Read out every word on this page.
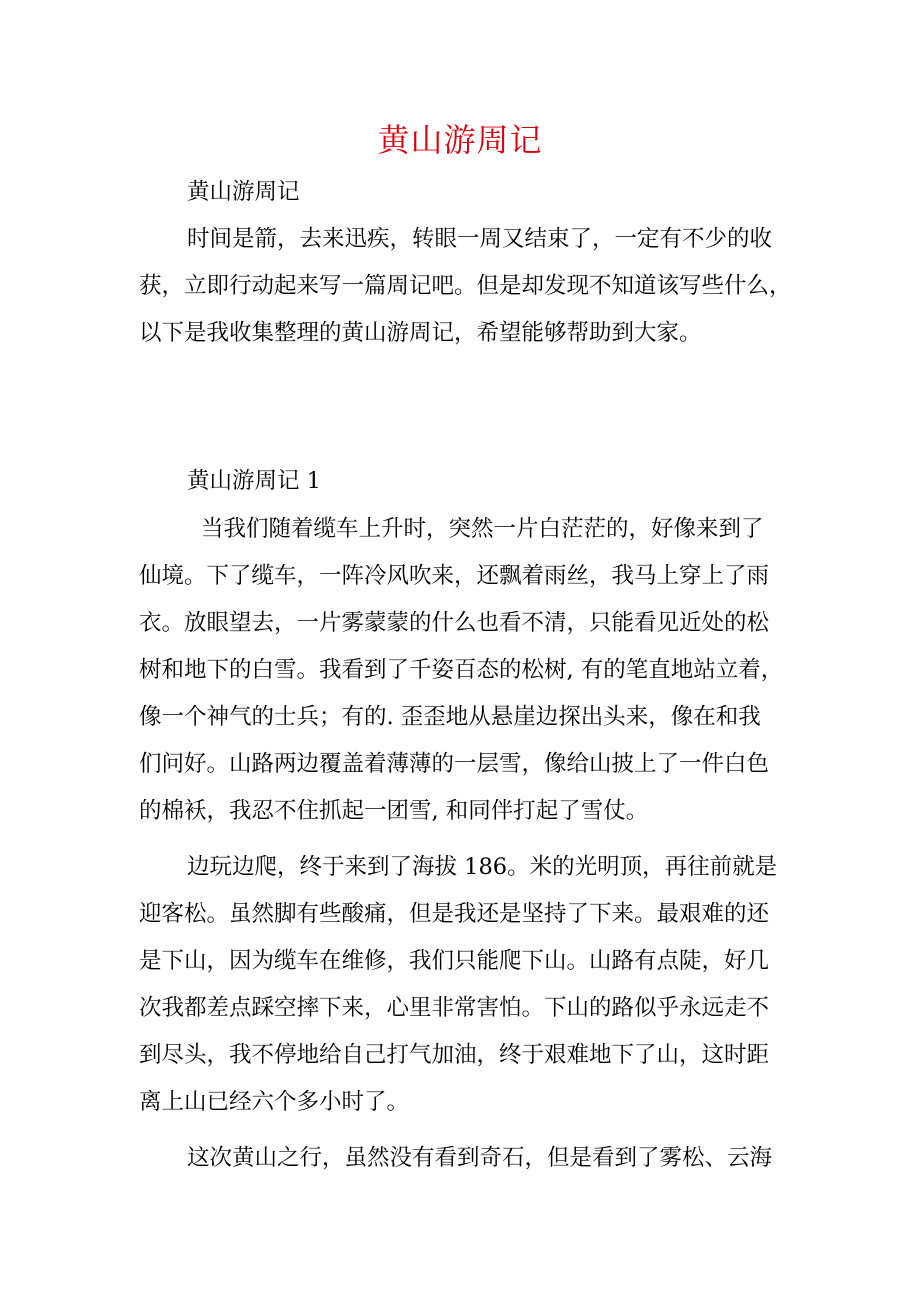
黄山游周记
黄山游周记
时间是箭，去来迅疾，转眼一周又结束了，一定有不少的收
获，立即行动起来写一篇周记吧。但是却发现不知道该写些什么，
以下是我收集整理的黄山游周记，希望能够帮助到大家。
黄山游周记 1
当我们随着缆车上升时，突然一片白茫茫的，好像来到了
仙境。下了缆车，一阵冷风吹来，还飘着雨丝，我马上穿上了雨
衣。放眼望去，一片雾蒙蒙的什么也看不清，只能看见近处的松
树和地下的白雪。我看到了千姿百态的松树, 有的笔直地站立着，
像一个神气的士兵；有的. 歪歪地从悬崖边探出头来，像在和我
们问好。山路两边覆盖着薄薄的一层雪，像给山披上了一件白色
的棉袄，我忍不住抓起一团雪, 和同伴打起了雪仗。
边玩边爬，终于来到了海拔 186。米的光明顶，再往前就是
迎客松。虽然脚有些酸痛，但是我还是坚持了下来。最艰难的还
是下山，因为缆车在维修，我们只能爬下山。山路有点陡，好几
次我都差点踩空摔下来，心里非常害怕。下山的路似乎永远走不
到尽头，我不停地给自己打气加油，终于艰难地下了山，这时距
离上山已经六个多小时了。
这次黄山之行，虽然没有看到奇石，但是看到了雾松、云海
